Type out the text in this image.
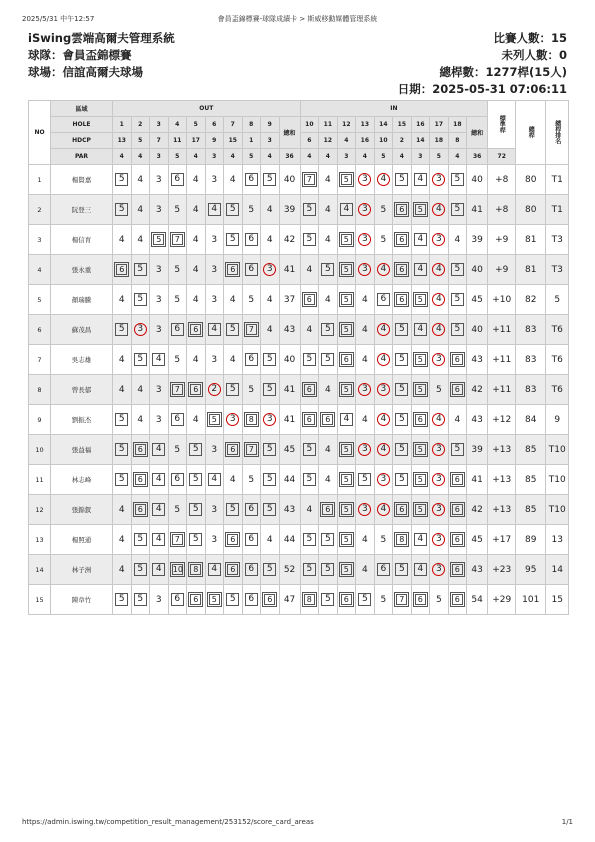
2025/5/31 中午12:57	會員盃錦標賽-球隊成績卡 > 斯威移動媒體管理系統
iSwing雲端高爾夫管理系統
球隊：會員盃錦標賽
球場：信誼高爾夫球場
比賽人數：15
未列人數：0
總桿數：1277桿(15人)
日期：2025-05-31 07:06:11
NO	區域	OUT										IN										標準桿	總桿	總桿排名
	HOLE	1	2	3	4	5	6	7	8	9	總和	10	11	12	13	14	15	16	17	18	總和			
	HDCP	13	5	7	11	17	9	15	1	3		6	12	4	16	10	2	14	18	8				
	PAR	4	4	3	5	4	3	4	5	4	36	4	4	3	4	5	4	3	5	4	36	72		
1	楊賢嘉	5	4	3	6	4	3	4	6	5	40	7	4	5	3	4	5	4	3	5	40	+8	80	T1
2	阮登三	5	4	3	5	4	4	5	5	4	39	5	4	4	3	5	6	5	4	5	41	+8	80	T1
3	楊信育	4	4	5	7	4	3	5	6	4	42	5	4	5	3	5	6	4	3	4	39	+9	81	T3
4	張永重	6	5	3	5	4	3	6	6	3	41	4	5	5	3	4	6	4	4	5	40	+9	81	T3
5	顏瑞騰	4	5	3	5	4	3	4	5	4	37	6	4	5	4	6	6	5	4	5	45	+10	82	5
6	蘇茂昌	5	3	3	6	6	4	5	7	4	43	4	5	5	4	4	5	4	4	5	40	+11	83	T6
7	吳志雄	4	5	4	5	4	3	4	6	5	40	5	5	6	4	4	5	5	3	6	43	+11	83	T6
8	曾長郁	4	4	3	7	6	2	5	5	5	41	6	4	5	3	3	5	5	5	6	42	+11	83	T6
9	劉振杰	5	4	3	6	4	5	3	8	3	41	6	6	4	4	4	5	6	4	4	43	+12	84	9
10	張益福	5	6	4	5	5	3	6	7	5	45	5	4	5	3	4	5	5	3	5	39	+13	85	T10
11	林志峰	5	6	4	6	5	4	4	5	5	44	5	4	5	5	3	5	5	3	6	41	+13	85	T10
12	張錦釵	4	6	4	5	5	3	5	6	5	43	4	6	5	3	4	6	5	3	6	42	+13	85	T10
13	楊照通	4	5	4	7	5	3	6	6	4	44	5	5	5	4	5	8	4	3	6	45	+17	89	13
14	林子洲	4	5	4	10	8	4	6	6	5	52	5	5	5	4	6	5	4	3	6	43	+23	95	14
15	陳韋竹	5	5	3	6	6	5	5	6	6	47	8	5	6	5	5	7	6	5	6	54	+29	101	15
https://admin.iswing.tw/competition_result_management/253152/score_card_areas	1/1
